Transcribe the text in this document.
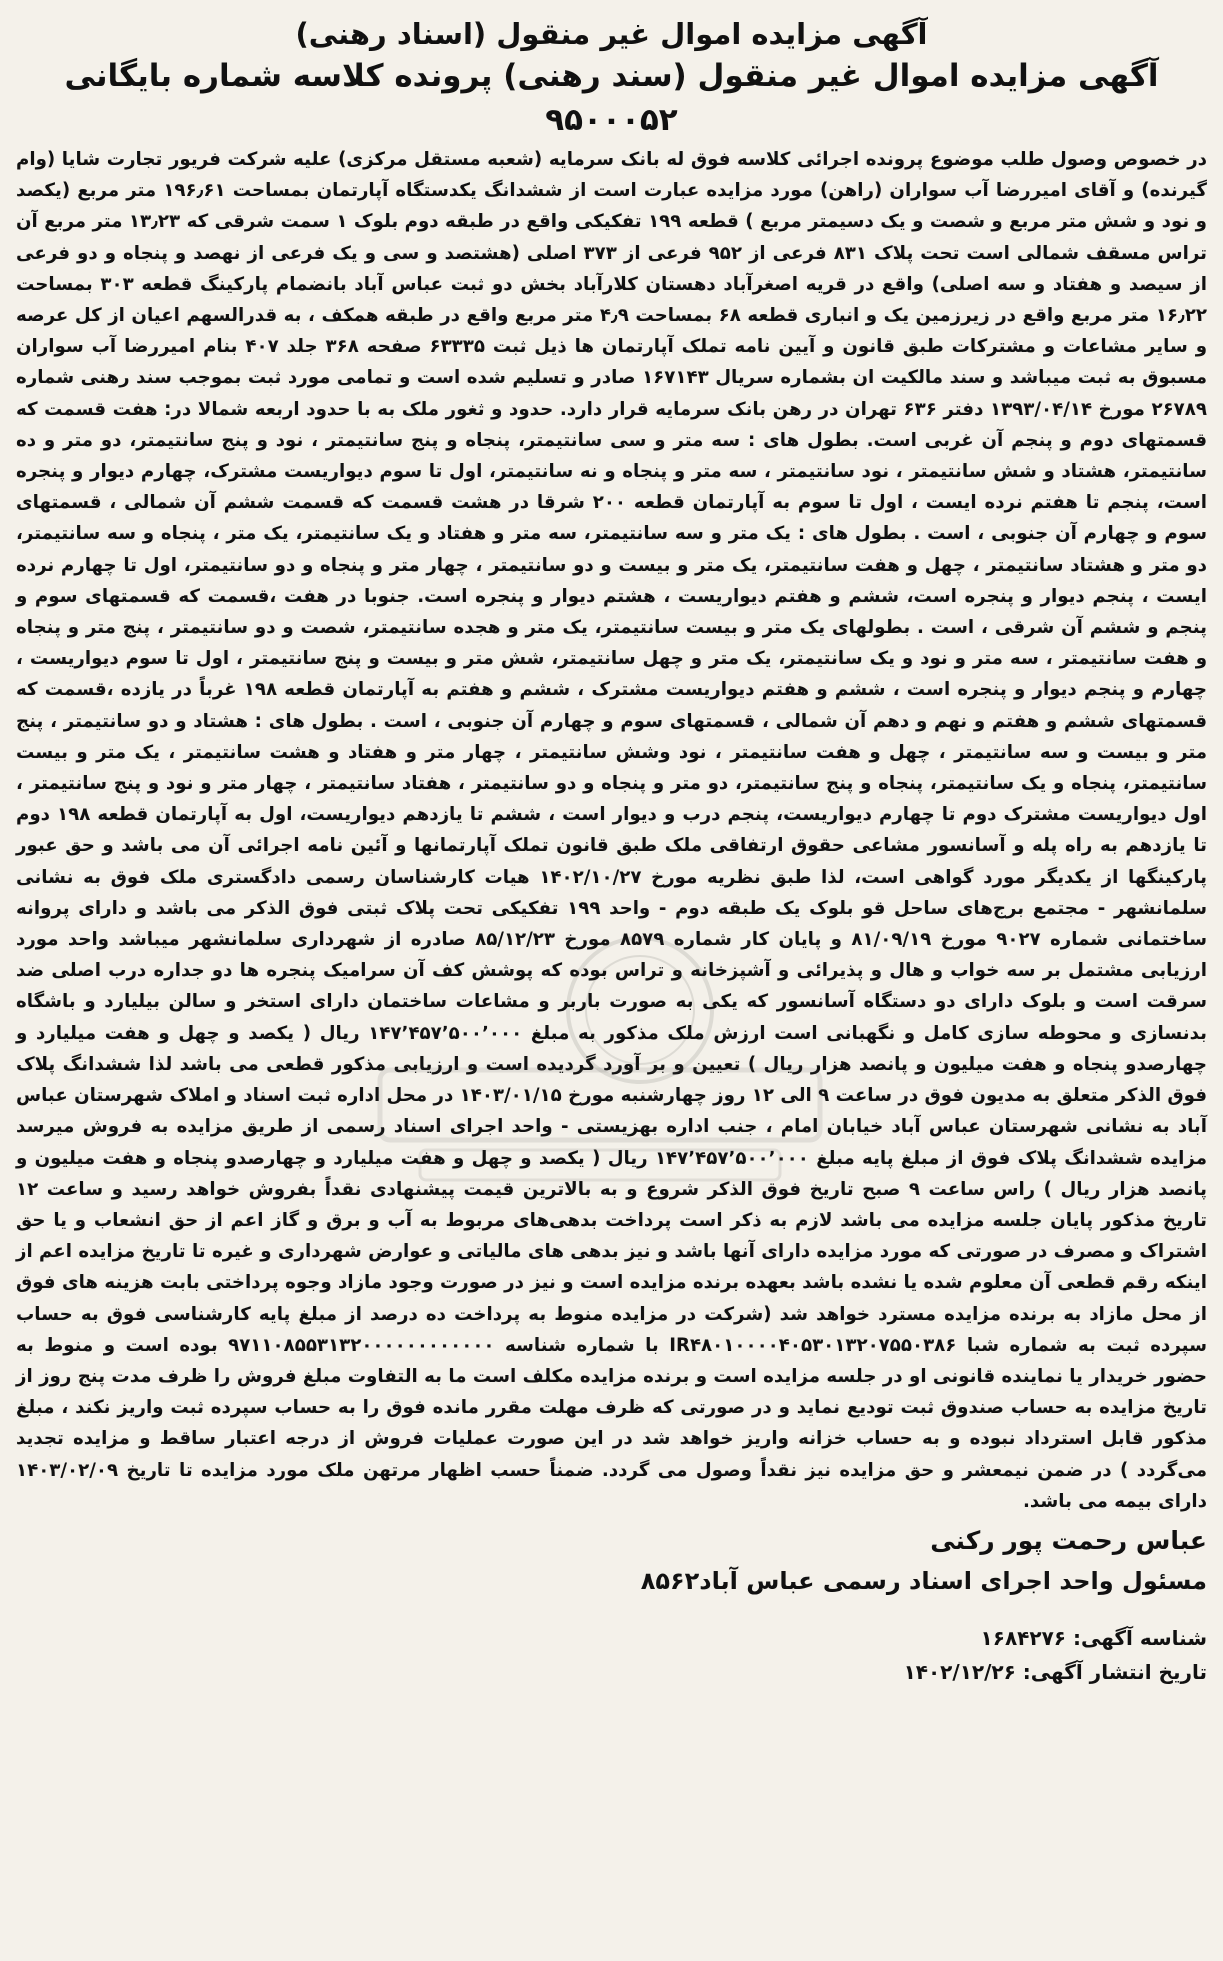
آگهی مزایده اموال غیر منقول (اسناد رهنی)
آگهی مزایده اموال غیر منقول (سند رهنی) پرونده کلاسه شماره بایگانی ۹۵۰۰۰۵۲

در خصوص وصول طلب موضوع پرونده اجرائی کلاسه فوق له بانک سرمایه (شعبه مستقل مرکزی) علیه شرکت فریور تجارت شایا (وام گیرنده) و آقای امیررضا آب سواران (راهن) مورد مزایده عبارت است از ششدانگ یکدستگاه آپارتمان بمساحت ۱۹۶٫۶۱ متر مربع (یکصد و نود و شش متر مربع و شصت و یک دسیمتر مربع ) قطعه ۱۹۹ تفکیکی واقع در طبقه دوم بلوک ۱ سمت شرقی که ۱۳٫۲۳ متر مربع آن تراس مسقف شمالی است تحت پلاک ۸۳۱ فرعی از ۹۵۲ فرعی از ۳۷۳ اصلی (هشتصد و سی و یک فرعی از نهصد و پنجاه و دو فرعی از سیصد و هفتاد و سه اصلی) واقع در قریه اصغرآباد دهستان کلارآباد بخش دو ثبت عباس آباد بانضمام پارکینگ قطعه ۳۰۳ بمساحت ۱۶٫۲۲ متر مربع واقع در زیرزمین یک و انباری قطعه ۶۸ بمساحت ۴٫۹ متر مربع واقع در طبقه همکف ، به قدرالسهم اعیان از کل عرصه و سایر مشاعات و مشترکات طبق قانون و آیین نامه تملک آپارتمان ها ذیل ثبت ۶۳۳۳۵ صفحه ۳۶۸ جلد ۴۰۷ بنام امیررضا آب سواران مسبوق به ثبت میباشد و سند مالکیت ان بشماره سریال ۱۶۷۱۴۳ صادر و تسلیم شده است و تمامی مورد ثبت بموجب سند رهنی شماره ۲۶۷۸۹ مورخ ۱۳۹۳/۰۴/۱۴ دفتر ۶۳۶ تهران در رهن بانک سرمایه قرار دارد. حدود و ثغور ملک به با حدود اربعه شمالا در: هفت قسمت که قسمتهای دوم و پنجم آن غربی است. بطول های : سه متر و سی سانتیمتر، پنجاه و پنج سانتیمتر ، نود و پنج سانتیمتر، دو متر و ده سانتیمتر، هشتاد و شش سانتیمتر ، نود سانتیمتر ، سه متر و پنجاه و نه سانتیمتر، اول تا سوم دیواریست مشترک، چهارم دیوار و پنجره است، پنجم تا هفتم نرده ایست ، اول تا سوم به آپارتمان قطعه ۲۰۰ شرقا در هشت قسمت که قسمت ششم آن شمالی ، قسمتهای سوم و چهارم آن جنوبی ، است . بطول های : یک متر و سه سانتیمتر، سه متر و هفتاد و یک سانتیمتر، یک متر ، پنجاه و سه سانتیمتر، دو متر و هشتاد سانتیمتر ، چهل و هفت سانتیمتر، یک متر و بیست و دو سانتیمتر ، چهار متر و پنجاه و دو سانتیمتر، اول تا چهارم نرده ایست ، پنجم دیوار و پنجره است، ششم و هفتم دیواریست ، هشتم دیوار و پنجره است. جنوبا در هفت ،قسمت که قسمتهای سوم و پنجم و ششم آن شرقی ، است . بطولهای یک متر و بیست سانتیمتر، یک متر و هجده سانتیمتر، شصت و دو سانتیمتر ، پنج متر و پنجاه و هفت سانتیمتر ، سه متر و نود و یک سانتیمتر، یک متر و چهل سانتیمتر، شش متر و بیست و پنج سانتیمتر ، اول تا سوم دیواریست ، چهارم و پنجم دیوار و پنجره است ، ششم و هفتم دیواریست مشترک ، ششم و هفتم به آپارتمان قطعه ۱۹۸ غرباً در یازده ،قسمت که قسمتهای ششم و هفتم و نهم و دهم آن شمالی ، قسمتهای سوم و چهارم آن جنوبی ، است . بطول های : هشتاد و دو سانتیمتر ، پنج متر و بیست و سه سانتیمتر ، چهل و هفت سانتیمتر ، نود وشش سانتیمتر ، چهار متر و هفتاد و هشت سانتیمتر ، یک متر و بیست سانتیمتر، پنجاه و یک سانتیمتر، پنجاه و پنج سانتیمتر، دو متر و پنجاه و دو سانتیمتر ، هفتاد سانتیمتر ، چهار متر و نود و پنج سانتیمتر ، اول دیواریست مشترک دوم تا چهارم دیواریست، پنجم درب و دیوار است ، ششم تا یازدهم دیواریست، اول به آپارتمان قطعه ۱۹۸ دوم تا یازدهم به راه پله و آسانسور مشاعی حقوق ارتفاقی ملک طبق قانون تملک آپارتمانها و آئین نامه اجرائی آن می باشد و حق عبور پارکینگها از یکدیگر مورد گواهی است، لذا طبق نظریه مورخ ۱۴۰۲/۱۰/۲۷ هیات کارشناسان رسمی دادگستری ملک فوق به نشانی سلمانشهر - مجتمع برج‌های ساحل قو بلوک یک طبقه دوم - واحد ۱۹۹ تفکیکی تحت پلاک ثبتی فوق الذکر می باشد و دارای پروانه ساختمانی شماره ۹۰۲۷ مورخ ۸۱/۰۹/۱۹ و پایان کار شماره ۸۵۷۹ مورخ ۸۵/۱۲/۲۳ صادره از شهرداری سلمانشهر میباشد واحد مورد ارزیابی مشتمل بر سه خواب و هال و پذیرائی و آشپزخانه و تراس بوده که پوشش کف آن سرامیک پنجره ها دو جداره درب اصلی ضد سرقت است و بلوک دارای دو دستگاه آسانسور که یکی به صورت باربر و مشاعات ساختمان دارای استخر و سالن بیلیارد و باشگاه بدنسازی و محوطه سازی کامل و نگهبانی است ارزش ملک مذکور به مبلغ ۱۴۷٬۴۵۷٬۵۰۰٬۰۰۰ ریال ( یکصد و چهل و هفت میلیارد و چهارصدو پنجاه و هفت میلیون و پانصد هزار ریال ) تعیین و بر آورد گردیده است و ارزیابی مذکور قطعی می باشد لذا ششدانگ پلاک فوق الذکر متعلق به مدیون فوق در ساعت ۹ الی ۱۲ روز چهارشنبه مورخ ۱۴۰۳/۰۱/۱۵ در محل اداره ثبت اسناد و املاک شهرستان عباس آباد به نشانی شهرستان عباس آباد خیابان امام ، جنب اداره بهزیستی - واحد اجرای اسناد رسمی از طریق مزایده به فروش میرسد مزایده ششدانگ پلاک فوق از مبلغ پایه مبلغ ۱۴۷٬۴۵۷٬۵۰۰٬۰۰۰ ریال ( یکصد و چهل و هفت میلیارد و چهارصدو پنجاه و هفت میلیون و پانصد هزار ریال ) راس ساعت ۹ صبح تاریخ فوق الذکر شروع و به بالاترین قیمت پیشنهادی نقداً بفروش خواهد رسید و ساعت ۱۲ تاریخ مذکور پایان جلسه مزایده می باشد لازم به ذکر است پرداخت بدهی‌های مربوط به آب و برق و گاز اعم از حق انشعاب و یا حق اشتراک و مصرف در صورتی که مورد مزایده دارای آنها باشد و نیز بدهی های مالیاتی و عوارض شهرداری و غیره تا تاریخ مزایده اعم از اینکه رقم قطعی آن معلوم شده یا نشده باشد بعهده برنده مزایده است و نیز در صورت وجود مازاد وجوه پرداختی بابت هزینه های فوق از محل مازاد به برنده مزایده مسترد خواهد شد (شرکت در مزایده منوط به پرداخت ده درصد از مبلغ پایه کارشناسی فوق به حساب سپرده ثبت به شماره شبا IR۴۸۰۱۰۰۰۰۴۰۵۳۰۱۳۲۰۷۵۵۰۳۸۶ با شماره شناسه ۹۷۱۱۰۸۵۵۳۱۳۲۰۰۰۰۰۰۰۰۰۰۰۰ بوده است و منوط به حضور خریدار یا نماینده قانونی او در جلسه مزایده است و برنده مزایده مکلف است ما به التفاوت مبلغ فروش را ظرف مدت پنج روز از تاریخ مزایده به حساب صندوق ثبت تودیع نماید و در صورتی که ظرف مهلت مقرر مانده فوق را به حساب سپرده ثبت واریز نکند ، مبلغ مذکور قابل استرداد نبوده و به حساب خزانه واریز خواهد شد در این صورت عملیات فروش از درجه اعتبار ساقط و مزایده تجدید می‌گردد ) در ضمن نیمعشر و حق مزایده نیز نقداً وصول می گردد. ضمناً حسب اظهار مرتهن ملک مورد مزایده تا تاریخ ۱۴۰۳/۰۲/۰۹ دارای بیمه می باشد.

عباس رحمت پور رکنی
مسئول واحد اجرای اسناد رسمی عباس آباد۸۵۶۲
شناسه آگهی: ۱۶۸۴۲۷۶
تاریخ انتشار آگهی: ۱۴۰۲/۱۲/۲۶
